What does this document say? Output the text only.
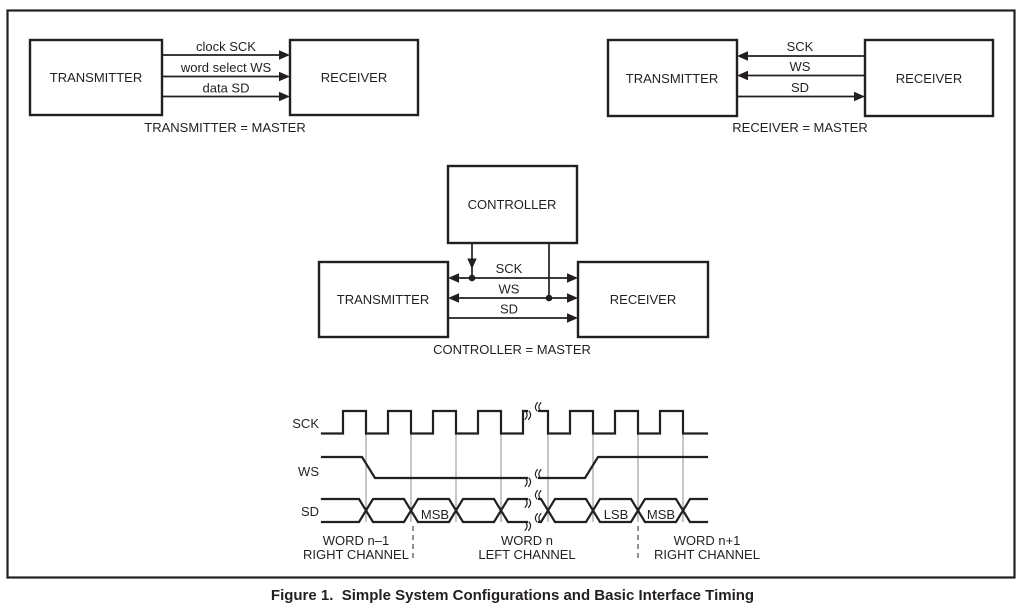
TRANSMITTER	RECEIVER
clock SCK
word select WS
data SD
TRANSMITTER = MASTER
TRANSMITTER	RECEIVER
SCK
WS
SD
RECEIVER = MASTER
CONTROLLER
TRANSMITTER	RECEIVER
SCK
WS
SD
CONTROLLER = MASTER
SCK
WS
SD	MSB	LSB MSB
WORD n–1
RIGHT CHANNEL
WORD n
LEFT CHANNEL
WORD n+1
RIGHT CHANNEL
Figure 1.  Simple System Configurations and Basic Interface Timing
